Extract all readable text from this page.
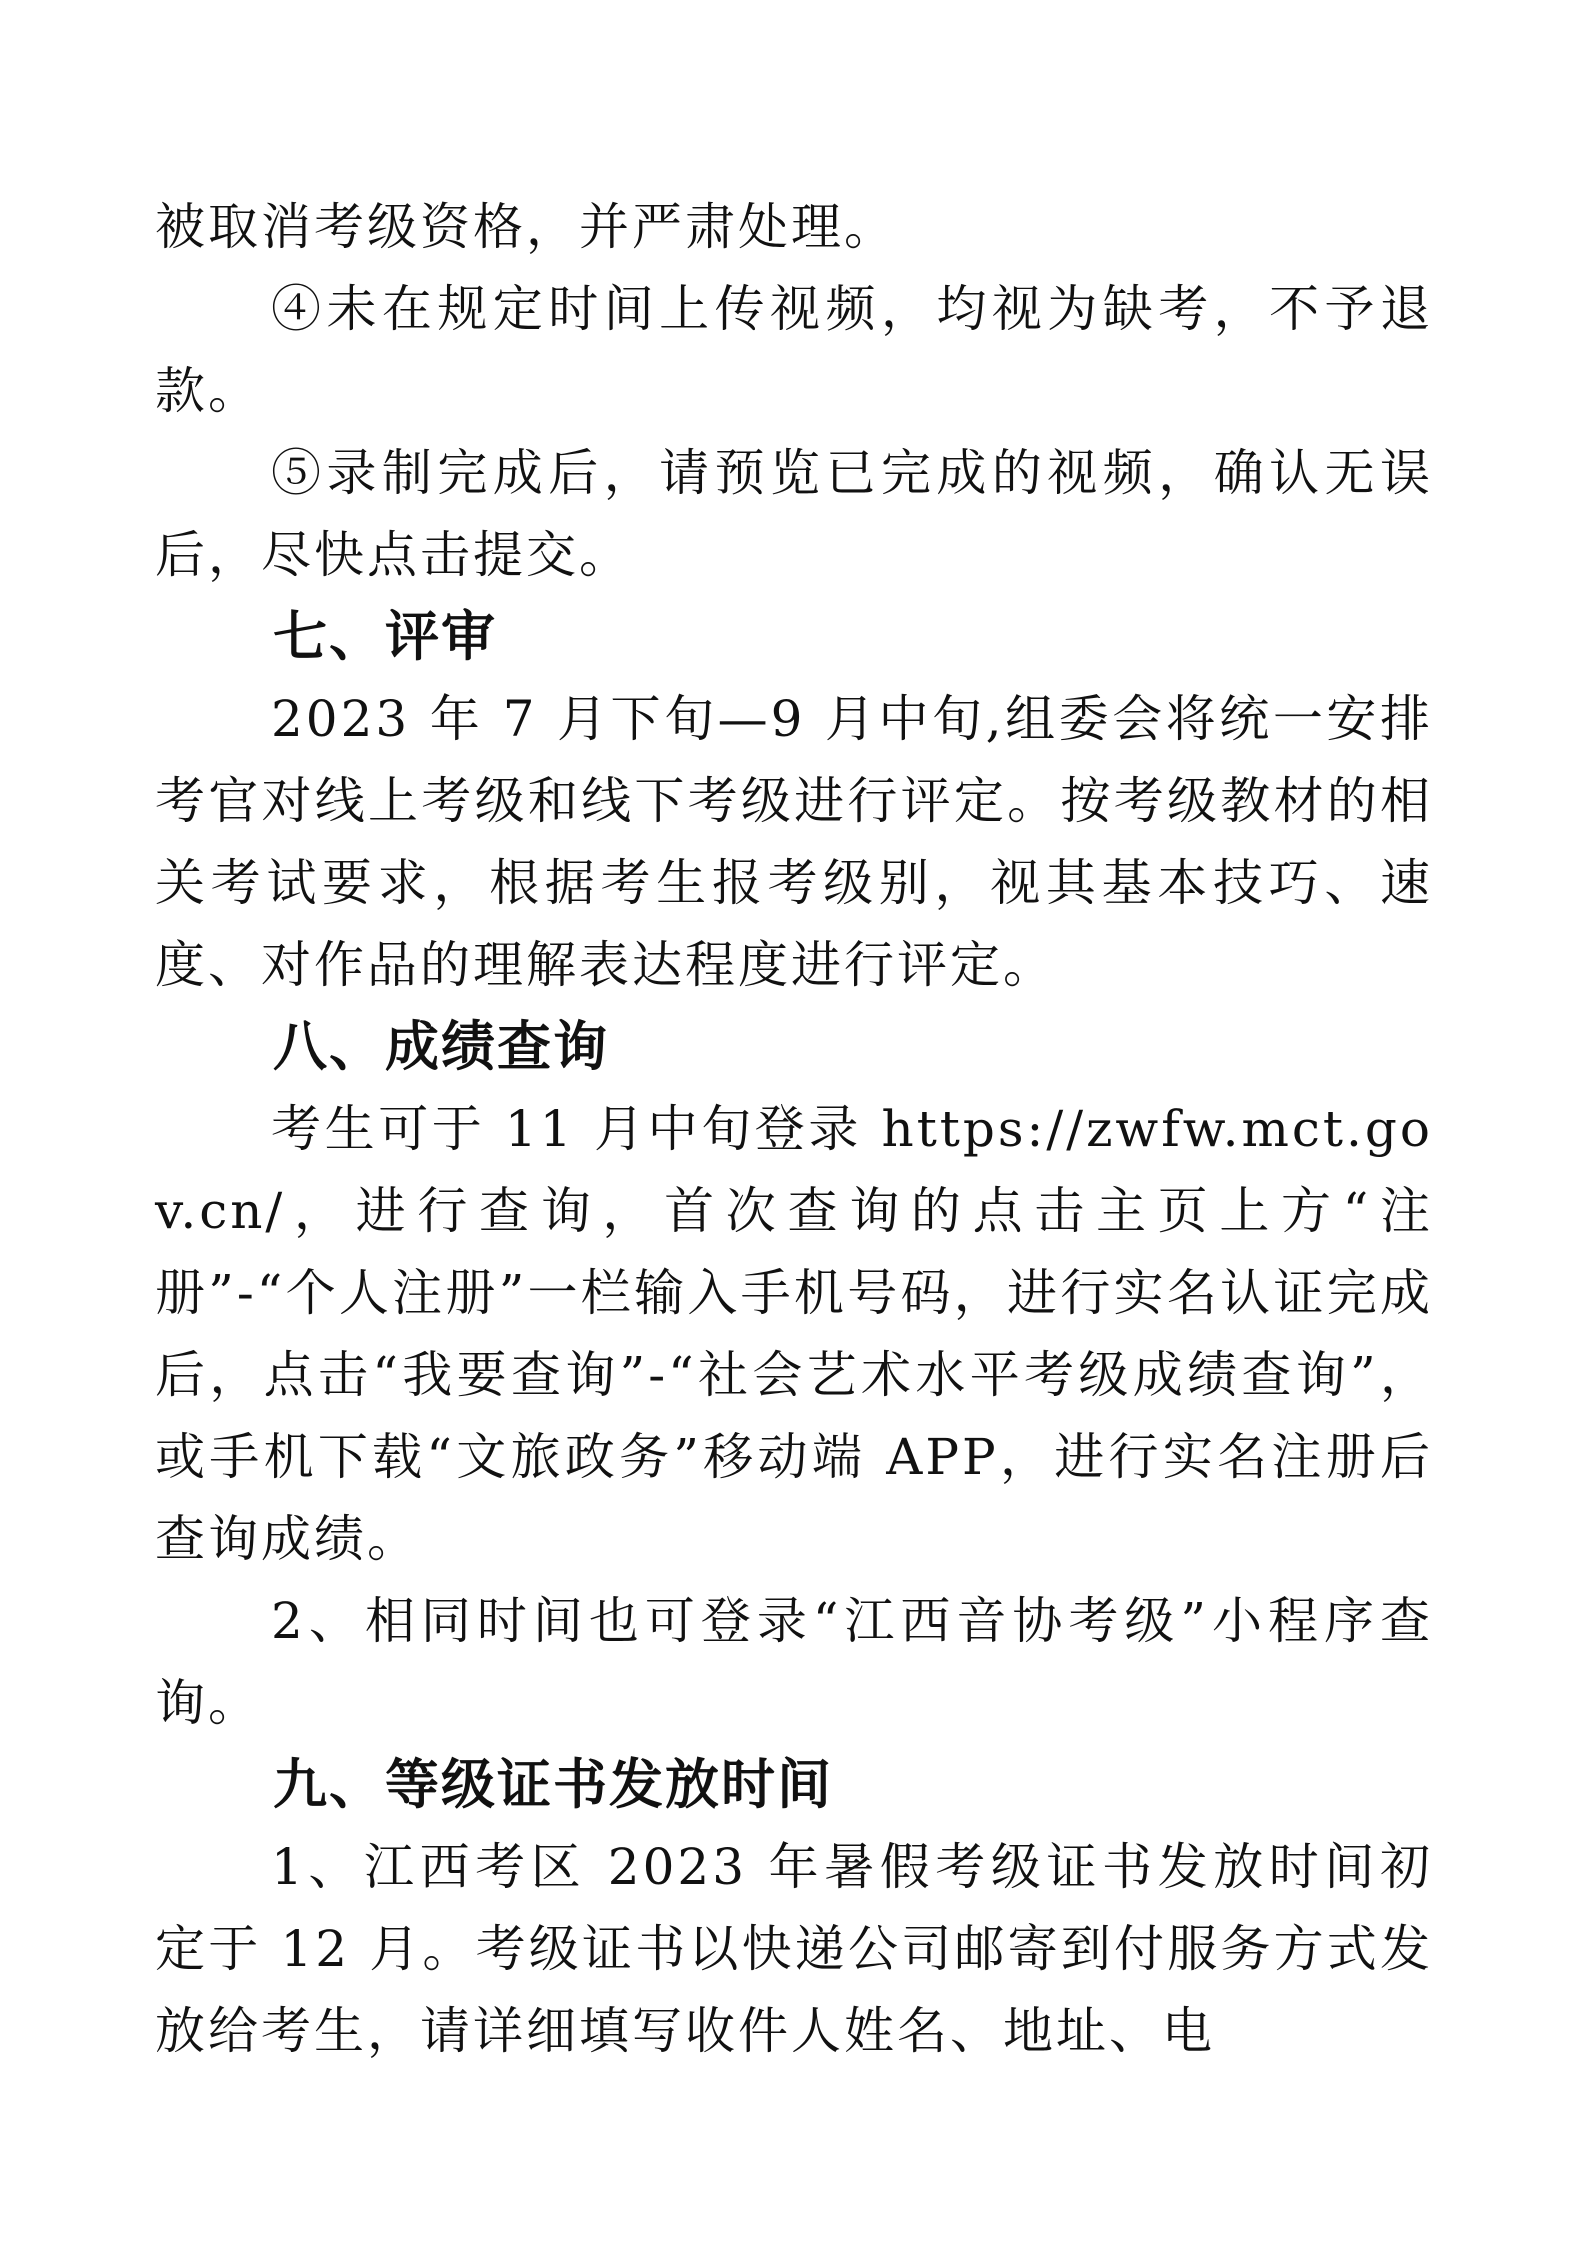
被取消考级资格，并严肃处理。

④未在规定时间上传视频，均视为缺考，不予退款。

⑤录制完成后，请预览已完成的视频，确认无误后，尽快点击提交。

七、评审

2023 年 7 月下旬—9 月中旬,组委会将统一安排考官对线上考级和线下考级进行评定。按考级教材的相关考试要求，根据考生报考级别，视其基本技巧、速度、对作品的理解表达程度进行评定。

八、成绩查询

考生可于 11 月中旬登录 https://zwfw.mct.gov.cn/，进行查询，首次查询的点击主页上方“注册”-“个人注册”一栏输入手机号码，进行实名认证完成后，点击“我要查询”-“社会艺术水平考级成绩查询”，或手机下载“文旅政务”移动端 APP，进行实名注册后查询成绩。

2、相同时间也可登录“江西音协考级”小程序查询。

九、等级证书发放时间

1、江西考区 2023 年暑假考级证书发放时间初定于 12 月。考级证书以快递公司邮寄到付服务方式发放给考生，请详细填写收件人姓名、地址、电
